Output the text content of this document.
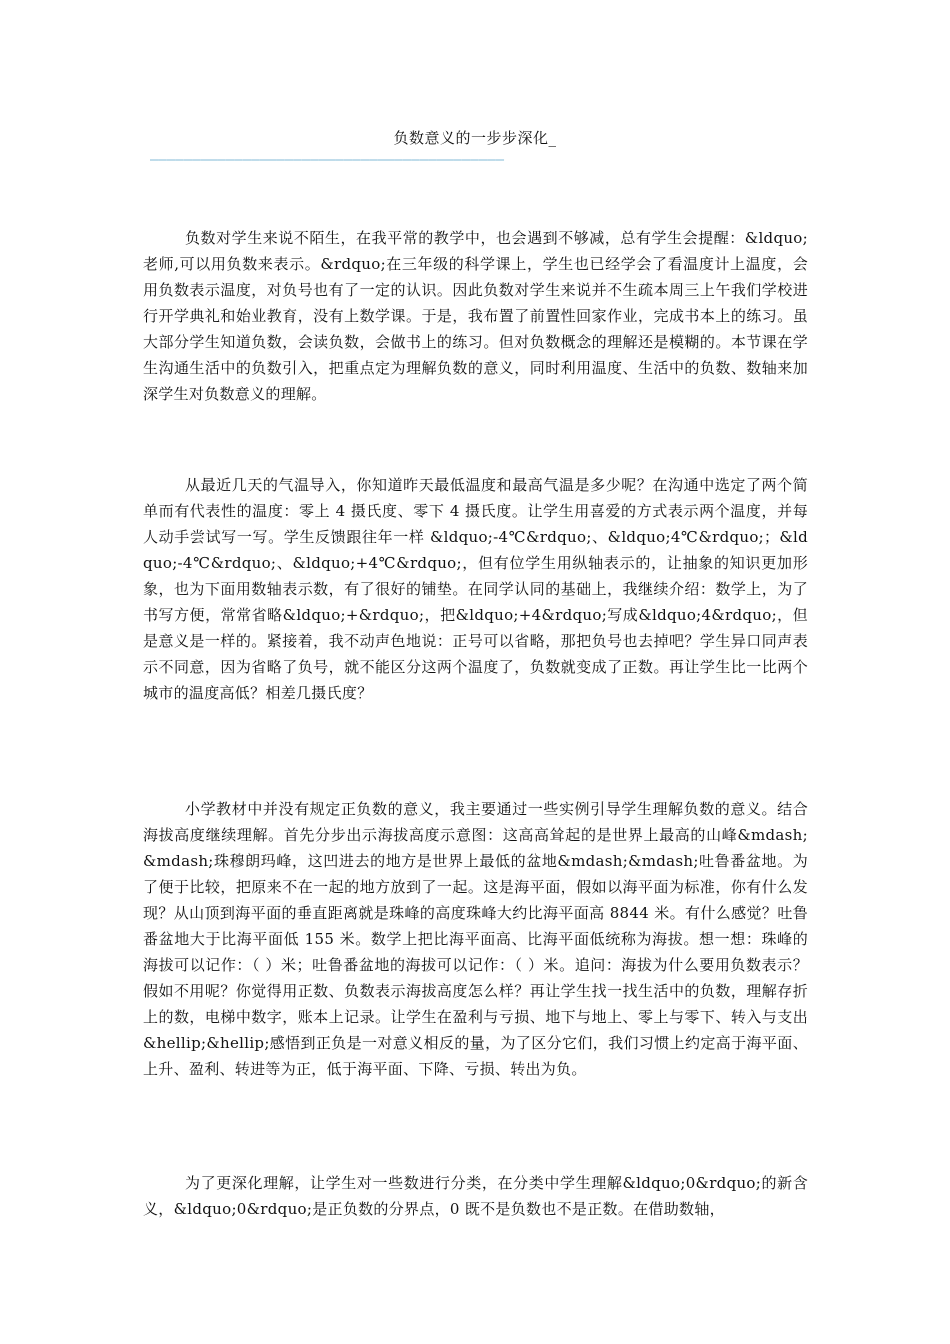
负数意义的一步步深化_
——————————————————————————————————————————

负数对学生来说不陌生，在我平常的教学中，也会遇到不够减，总有学生会提醒：&ldquo;老师,可以用负数来表示。&rdquo;在三年级的科学课上，学生也已经学会了看温度计上温度，会用负数表示温度，对负号也有了一定的认识。因此负数对学生来说并不生疏本周三上午我们学校进行开学典礼和始业教育，没有上数学课。于是，我布置了前置性回家作业，完成书本上的练习。虽大部分学生知道负数，会读负数，会做书上的练习。但对负数概念的理解还是模糊的。本节课在学生沟通生活中的负数引入，把重点定为理解负数的意义，同时利用温度、生活中的负数、数轴来加深学生对负数意义的理解。

从最近几天的气温导入，你知道昨天最低温度和最高气温是多少呢？在沟通中选定了两个简单而有代表性的温度：零上 4 摄氏度、零下 4 摄氏度。让学生用喜爱的方式表示两个温度，并每人动手尝试写一写。学生反馈跟往年一样 &ldquo;-4℃&rdquo;、&ldquo;4℃&rdquo;；&ldquo;-4℃&rdquo;、&ldquo;+4℃&rdquo;，但有位学生用纵轴表示的，让抽象的知识更加形象，也为下面用数轴表示数，有了很好的铺垫。在同学认同的基础上，我继续介绍：数学上，为了书写方便，常常省略&ldquo;+&rdquo;，把&ldquo;+4&rdquo;写成&ldquo;4&rdquo;，但是意义是一样的。紧接着，我不动声色地说：正号可以省略，那把负号也去掉吧？学生异口同声表示不同意，因为省略了负号，就不能区分这两个温度了，负数就变成了正数。再让学生比一比两个城市的温度高低？相差几摄氏度？

小学教材中并没有规定正负数的意义，我主要通过一些实例引导学生理解负数的意义。结合海拔高度继续理解。首先分步出示海拔高度示意图：这高高耸起的是世界上最高的山峰&mdash;&mdash;珠穆朗玛峰，这凹进去的地方是世界上最低的盆地&mdash;&mdash;吐鲁番盆地。为了便于比较，把原来不在一起的地方放到了一起。这是海平面，假如以海平面为标准，你有什么发现？从山顶到海平面的垂直距离就是珠峰的高度珠峰大约比海平面高 8844 米。有什么感觉？吐鲁番盆地大于比海平面低 155 米。数学上把比海平面高、比海平面低统称为海拔。想一想：珠峰的海拔可以记作：（ ）米；吐鲁番盆地的海拔可以记作：（ ）米。追问：海拔为什么要用负数表示？假如不用呢？你觉得用正数、负数表示海拔高度怎么样？再让学生找一找生活中的负数，理解存折上的数，电梯中数字，账本上记录。让学生在盈利与亏损、地下与地上、零上与零下、转入与支出&hellip;&hellip;感悟到正负是一对意义相反的量，为了区分它们，我们习惯上约定高于海平面、上升、盈利、转进等为正，低于海平面、下降、亏损、转出为负。

为了更深化理解，让学生对一些数进行分类，在分类中学生理解&ldquo;0&rdquo;的新含义，&ldquo;0&rdquo;是正负数的分界点，0 既不是负数也不是正数。在借助数轴，
